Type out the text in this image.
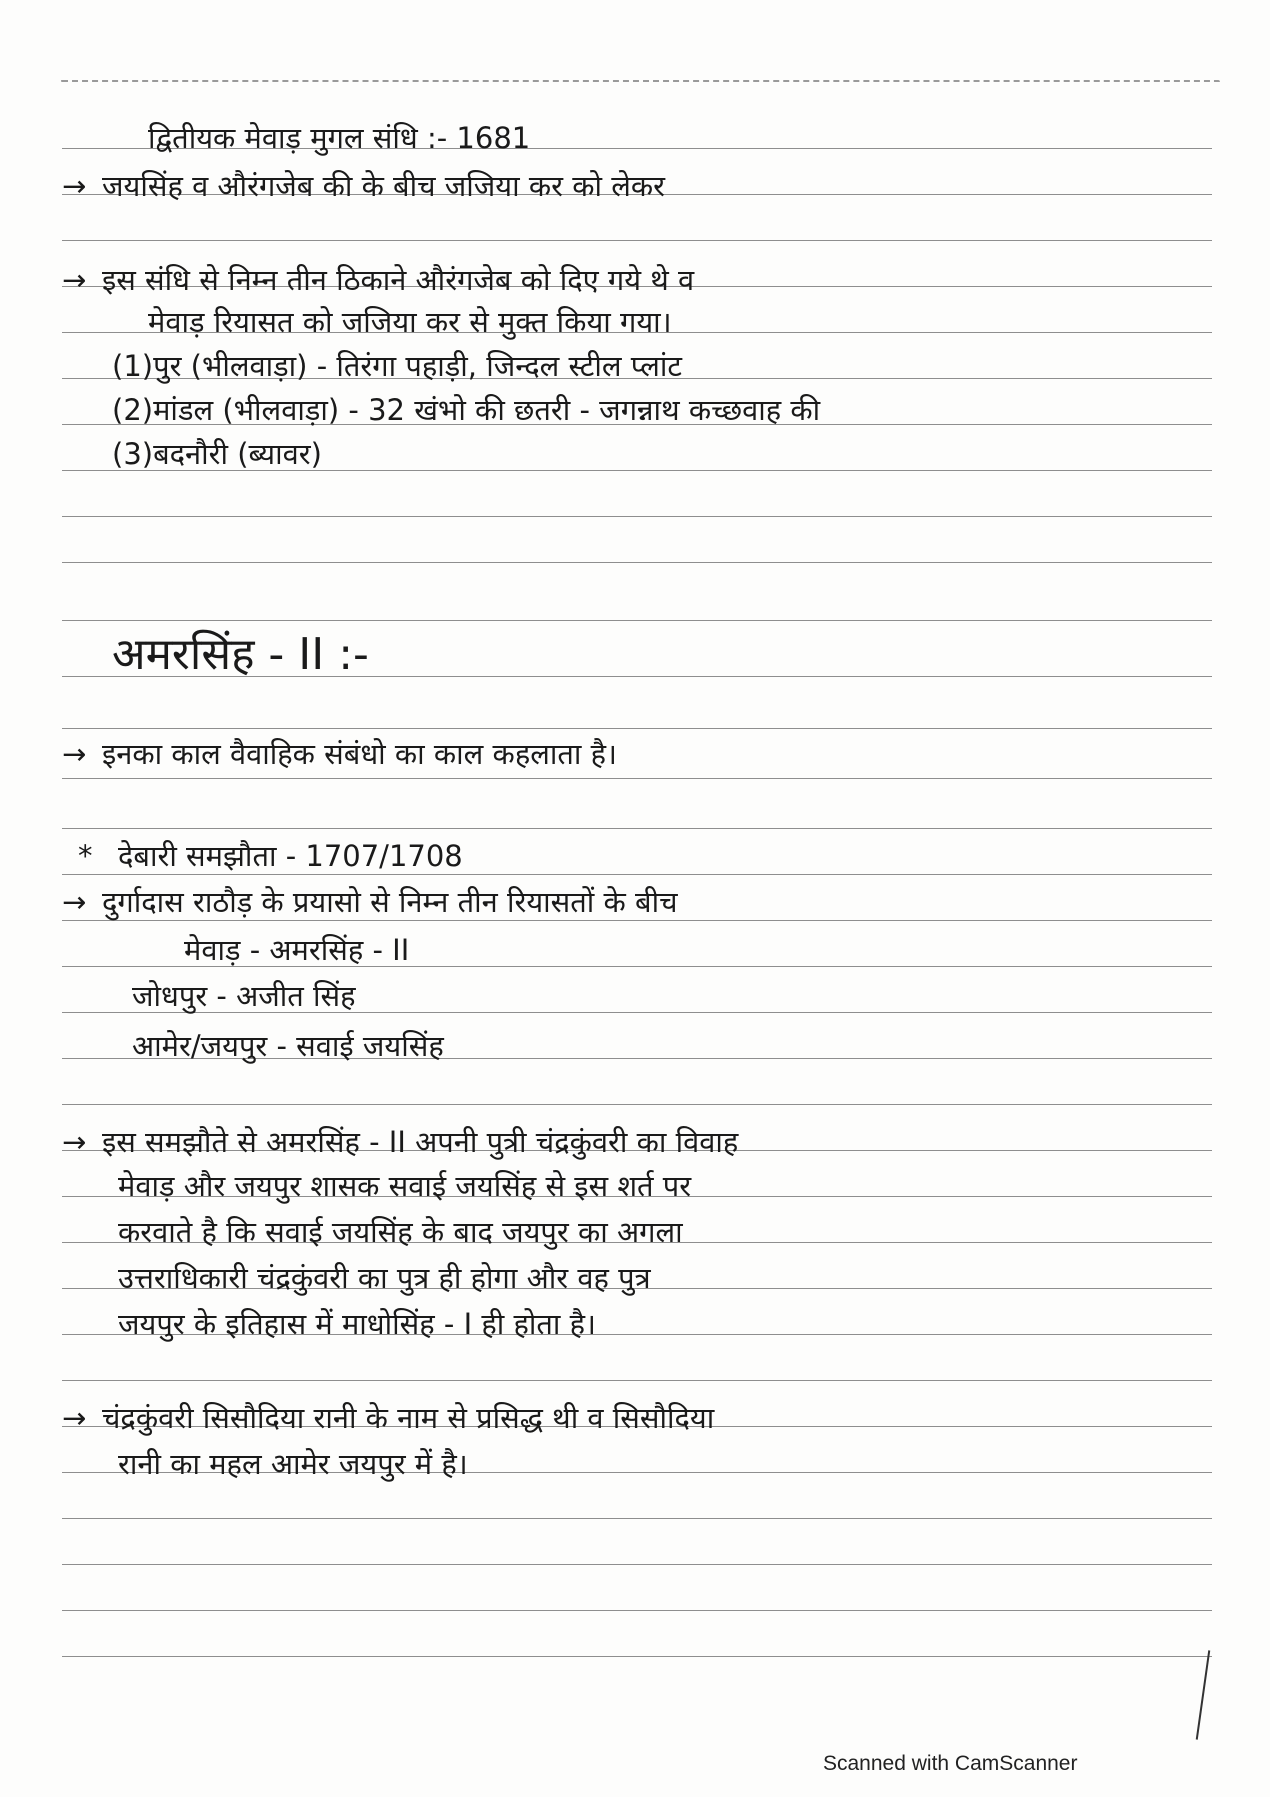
द्वितीयक मेवाड़ मुगल संधि :- 1681
→ जयसिंह व औरंगजेब की के बीच जजिया कर को लेकर
→ इस संधि से निम्न तीन ठिकाने औरंगजेब को दिए गये थे व
मेवाड़ रियासत को जजिया कर से मुक्त किया गया।
(1)पुर (भीलवाड़ा) - तिरंगा पहाड़ी, जिन्दल स्टील प्लांट
(2)मांडल (भीलवाड़ा) - 32 खंभो की छतरी - जगन्नाथ कच्छवाह की
(3)बदनौरी (ब्यावर)
अमरसिंह - II :-
→ इनका काल वैवाहिक संबंधो का काल कहलाता है।
* देबारी समझौता - 1707/1708
→ दुर्गादास राठौड़ के प्रयासो से निम्न तीन रियासतों के बीच
मेवाड़ - अमरसिंह - II
जोधपुर - अजीत सिंह
आमेर/जयपुर - सवाई जयसिंह
→ इस समझौते से अमरसिंह - II अपनी पुत्री चंद्रकुंवरी का विवाह
मेवाड़ और जयपुर शासक सवाई जयसिंह से इस शर्त पर
करवाते है कि सवाई जयसिंह के बाद जयपुर का अगला
उत्तराधिकारी चंद्रकुंवरी का पुत्र ही होगा और वह पुत्र
जयपुर के इतिहास में माधोसिंह - I ही होता है।
→ चंद्रकुंवरी सिसौदिया रानी के नाम से प्रसिद्ध थी व सिसौदिया
रानी का महल आमेर जयपुर में है।
Scanned with CamScanner
